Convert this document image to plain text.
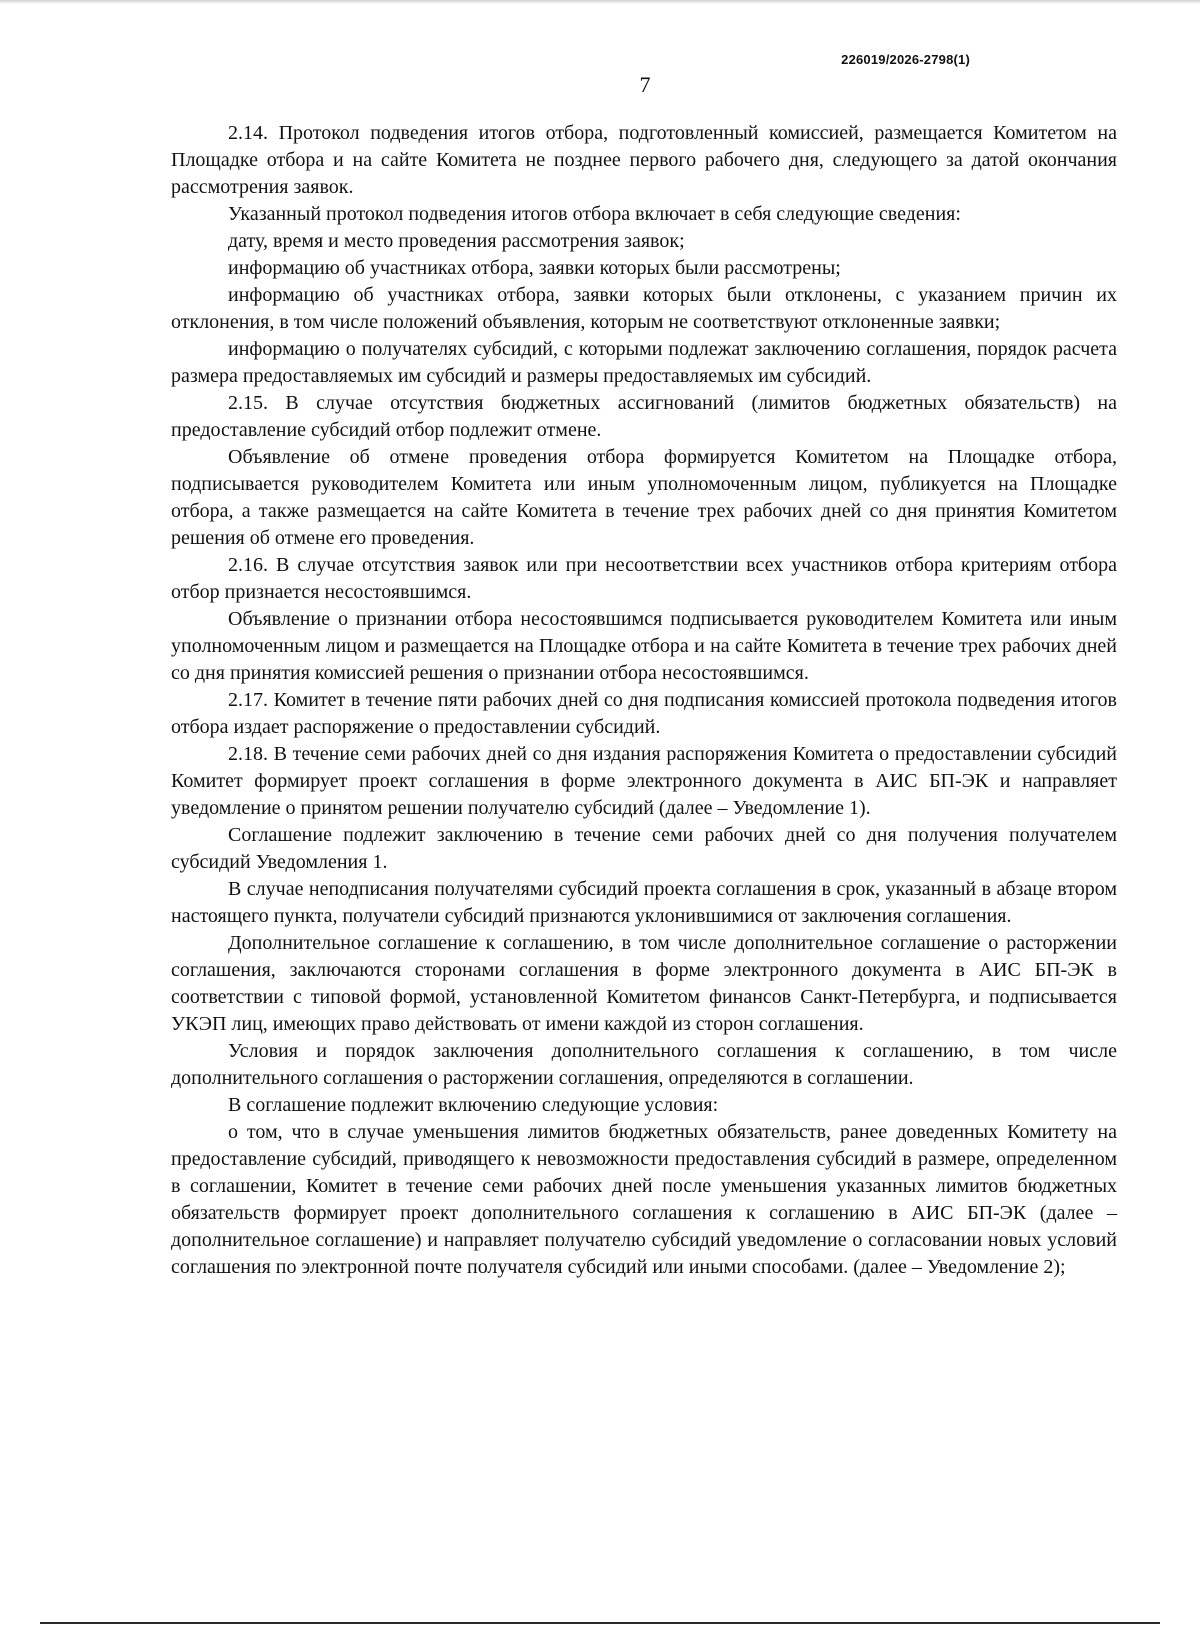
226019/2026-2798(1)
7

2.14. Протокол подведения итогов отбора, подготовленный комиссией, размещается Комитетом на Площадке отбора и на сайте Комитета не позднее первого рабочего дня, следующего за датой окончания рассмотрения заявок.

Указанный протокол подведения итогов отбора включает в себя следующие сведения:

дату, время и место проведения рассмотрения заявок;

информацию об участниках отбора, заявки которых были рассмотрены;

информацию об участниках отбора, заявки которых были отклонены, с указанием причин их отклонения, в том числе положений объявления, которым не соответствуют отклоненные заявки;

информацию о получателях субсидий, с которыми подлежат заключению соглашения, порядок расчета размера предоставляемых им субсидий и размеры предоставляемых им субсидий.

2.15. В случае отсутствия бюджетных ассигнований (лимитов бюджетных обязательств) на предоставление субсидий отбор подлежит отмене.

Объявление об отмене проведения отбора формируется Комитетом на Площадке отбора, подписывается руководителем Комитета или иным уполномоченным лицом, публикуется на Площадке отбора, а также размещается на сайте Комитета в течение трех рабочих дней со дня принятия Комитетом решения об отмене его проведения.

2.16. В случае отсутствия заявок или при несоответствии всех участников отбора критериям отбора отбор признается несостоявшимся.

Объявление о признании отбора несостоявшимся подписывается руководителем Комитета или иным уполномоченным лицом и размещается на Площадке отбора и на сайте Комитета в течение трех рабочих дней со дня принятия комиссией решения о признании отбора несостоявшимся.

2.17. Комитет в течение пяти рабочих дней со дня подписания комиссией протокола подведения итогов отбора издает распоряжение о предоставлении субсидий.

2.18. В течение семи рабочих дней со дня издания распоряжения Комитета о предоставлении субсидий Комитет формирует проект соглашения в форме электронного документа в АИС БП-ЭК и направляет уведомление о принятом решении получателю субсидий (далее – Уведомление 1).

Соглашение подлежит заключению в течение семи рабочих дней со дня получения получателем субсидий Уведомления 1.

В случае неподписания получателями субсидий проекта соглашения в срок, указанный в абзаце втором настоящего пункта, получатели субсидий признаются уклонившимися от заключения соглашения.

Дополнительное соглашение к соглашению, в том числе дополнительное соглашение о расторжении соглашения, заключаются сторонами соглашения в форме электронного документа в АИС БП-ЭК в соответствии с типовой формой, установленной Комитетом финансов Санкт-Петербурга, и подписывается УКЭП лиц, имеющих право действовать от имени каждой из сторон соглашения.

Условия и порядок заключения дополнительного соглашения к соглашению, в том числе дополнительного соглашения о расторжении соглашения, определяются в соглашении.

В соглашение подлежит включению следующие условия:

о том, что в случае уменьшения лимитов бюджетных обязательств, ранее доведенных Комитету на предоставление субсидий, приводящего к невозможности предоставления субсидий в размере, определенном в соглашении, Комитет в течение семи рабочих дней после уменьшения указанных лимитов бюджетных обязательств формирует проект дополнительного соглашения к соглашению в АИС БП-ЭК (далее – дополнительное соглашение) и направляет получателю субсидий уведомление о согласовании новых условий соглашения по электронной почте получателя субсидий или иными способами. (далее – Уведомление 2);
